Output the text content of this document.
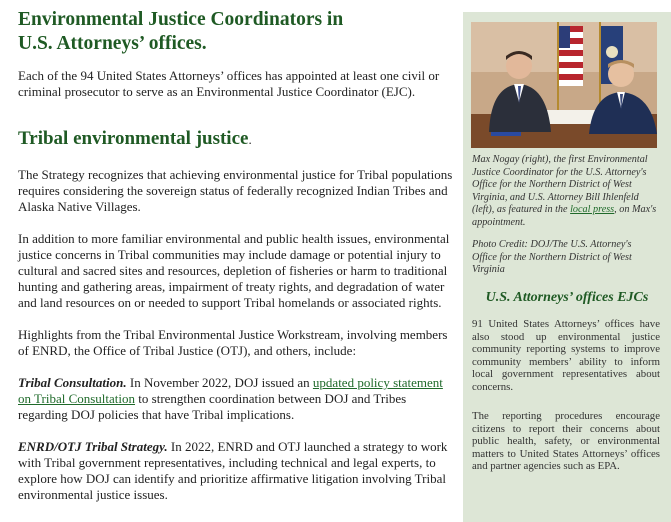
Environmental Justice Coordinators in
U.S. Attorneys’ offices.

Each of the 94 United States Attorneys’ offices has appointed at least one civil or criminal prosecutor to serve as an Environmental Justice Coordinator (EJC).

Tribal environmental justice.

The Strategy recognizes that achieving environmental justice for Tribal populations requires considering the sovereign status of federally recognized Indian Tribes and Alaska Native Villages.

In addition to more familiar environmental and public health issues, environmental justice concerns in Tribal communities may include damage or potential injury to cultural and sacred sites and resources, depletion of fisheries or harm to traditional hunting and gathering areas, impairment of treaty rights, and degradation of water and land resources on or needed to support Tribal homelands or associated rights.

Highlights from the Tribal Environmental Justice Workstream, involving members of ENRD, the Office of Tribal Justice (OTJ), and others, include:

Tribal Consultation. In November 2022, DOJ issued an updated policy statement on Tribal Consultation to strengthen coordination between DOJ and Tribes regarding DOJ policies that have Tribal implications.

ENRD/OTJ Tribal Strategy. In 2022, ENRD and OTJ launched a strategy to work with Tribal government representatives, including technical and legal experts, to explore how DOJ can identify and prioritize affirmative litigation involving Tribal environmental justice issues.

Max Nogay (right), the first Environmental Justice Coordinator for the U.S. Attorney's Office for the Northern District of West Virginia, and U.S. Attorney Bill Ihlenfeld (left), as featured in the local press, on Max's appointment.
Photo Credit: DOJ/The U.S. Attorney's Office for the Northern District of West Virginia
U.S. Attorneys’ offices EJCs
91 United States Attorneys’ offices have also stood up environmental justice community reporting systems to improve community members’ ability to inform local government representatives about concerns.
The reporting procedures encourage citizens to report their concerns about public health, safety, or environmental matters to United States Attorneys’ offices and partner agencies such as EPA.
